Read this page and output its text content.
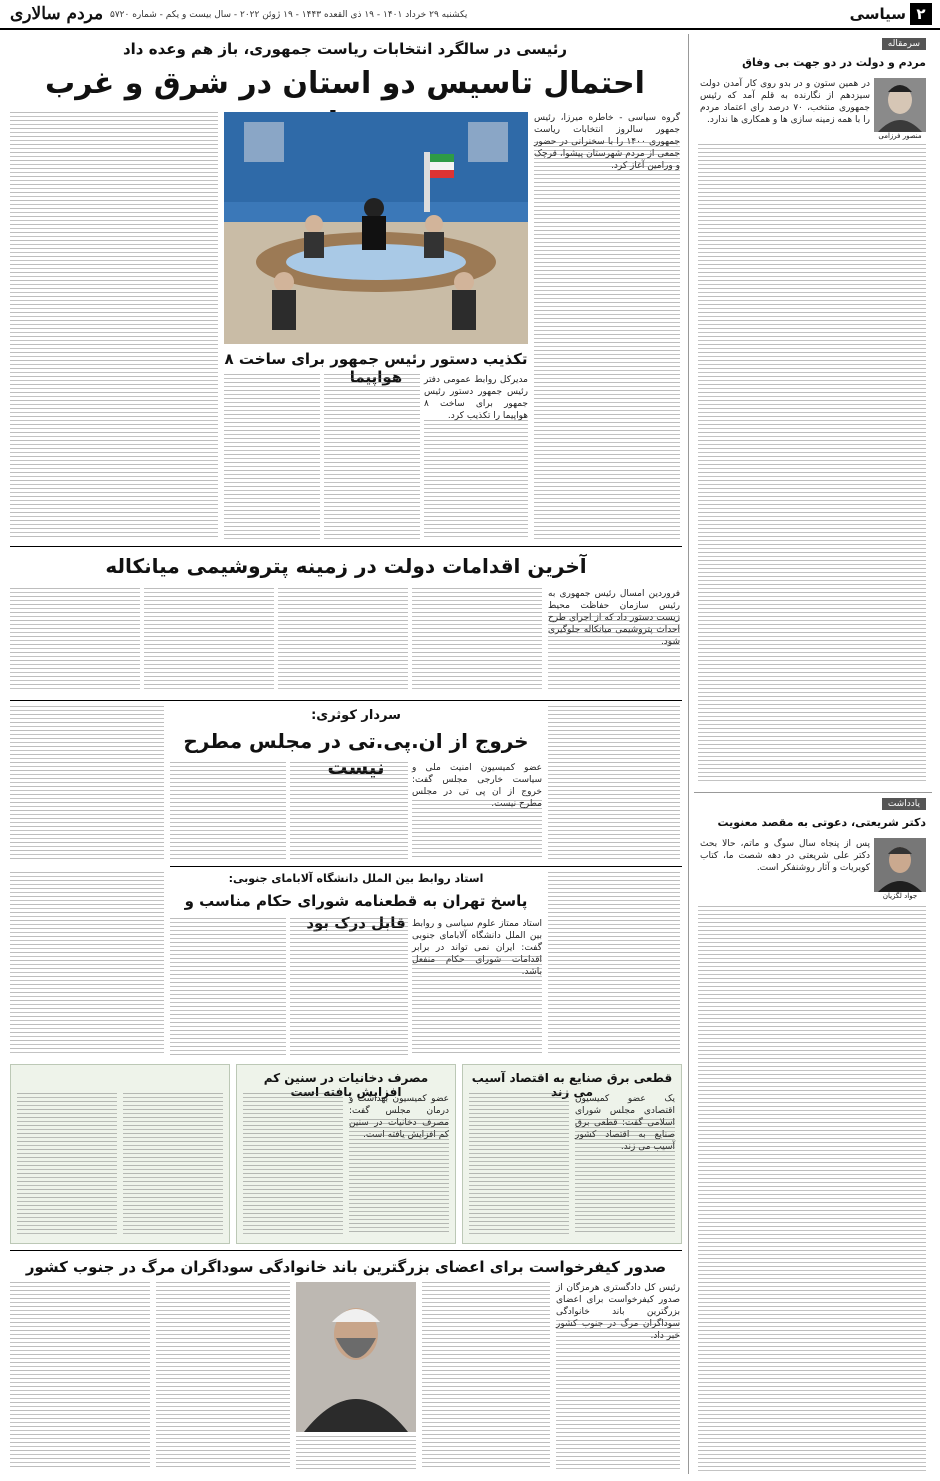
۲
سیاسی
یکشنبه ۲۹ خرداد ۱۴۰۱ - ۱۹ ذی القعده ۱۴۴۳ - ۱۹ ژوئن ۲۰۲۲ - سال بیست و یکم - شماره ۵۷۲۰
مردم سالاری
سرمقاله
مردم و دولت در دو جهت بی وفاق
منصور فرزامی
در همین ستون و در بدو روی کار آمدن دولت سیزدهم از نگارنده به قلم آمد که رئیس جمهوری منتخب، ۷۰ درصد رای اعتماد مردم را با همه زمینه سازی ها و همکاری ها ندارد.
یادداشت
دکتر شریعتی، دعوتی به مقصد معنویت
جواد لگزیان
پس از پنجاه سال سوگ و ماتم، حالا بحث دکتر علی شریعتی در دهه شصت ما، کتاب کویریات و آثار روشنفکر است.
رئیسی در سالگرد انتخابات ریاست جمهوری، باز هم وعده داد
احتمال تاسیس دو استان در شرق و غرب
گروه سیاسی - خاطره میرزا، رئیس جمهور سالروز انتخابات ریاست جمهوری ۱۴۰۰ را با سخنرانی در حضور جمعی از مردم شهرستان پیشوا، قرچک و ورامین آغاز کرد.
تکذیب دستور رئیس جمهور برای ساخت ۸ هواپیما	مدیرکل روابط عمومی دفتر رئیس جمهور دستور رئیس جمهور برای ساخت ۸ هواپیما را تکذیب کرد.
آخرین اقدامات دولت در زمینه پتروشیمی میانکاله
فروردین امسال رئیس جمهوری به رئیس سازمان حفاظت محیط زیست دستور داد که از اجرای طرح احداث پتروشیمی میانکاله جلوگیری شود.
سردار کوثری:
خروج از ان.پی.تی در مجلس مطرح نیست	عضو کمیسیون امنیت ملی و سیاست خارجی مجلس گفت: خروج از ان پی تی در مجلس مطرح نیست.
استاد روابط بین الملل دانشگاه آلابامای جنوبی:
پاسخ تهران به قطعنامه شورای حکام مناسب و قابل درک بود استاد ممتاز علوم سیاسی و روابط بین الملل دانشگاه آلابامای جنوبی گفت: ایران نمی تواند در برابر اقدامات شورای حکام منفعل باشد.
قطعی برق صنایع به اقتصاد آسیب می زند
یک عضو کمیسیون اقتصادی مجلس شورای اسلامی گفت: قطعی برق صنایع به اقتصاد کشور آسیب می زند.
مصرف دخانیات در سنین کم افزایش یافته است
عضو کمیسیون بهداشت و درمان مجلس گفت: مصرف دخانیات در سنین کم افزایش یافته است.
صدور کیفرخواست برای اعضای بزرگترین باند خانوادگی سوداگران مرگ در جنوب کشور
رئیس کل دادگستری هرمزگان از صدور کیفرخواست برای اعضای بزرگترین باند خانوادگی سوداگران مرگ در جنوب کشور خبر داد.
